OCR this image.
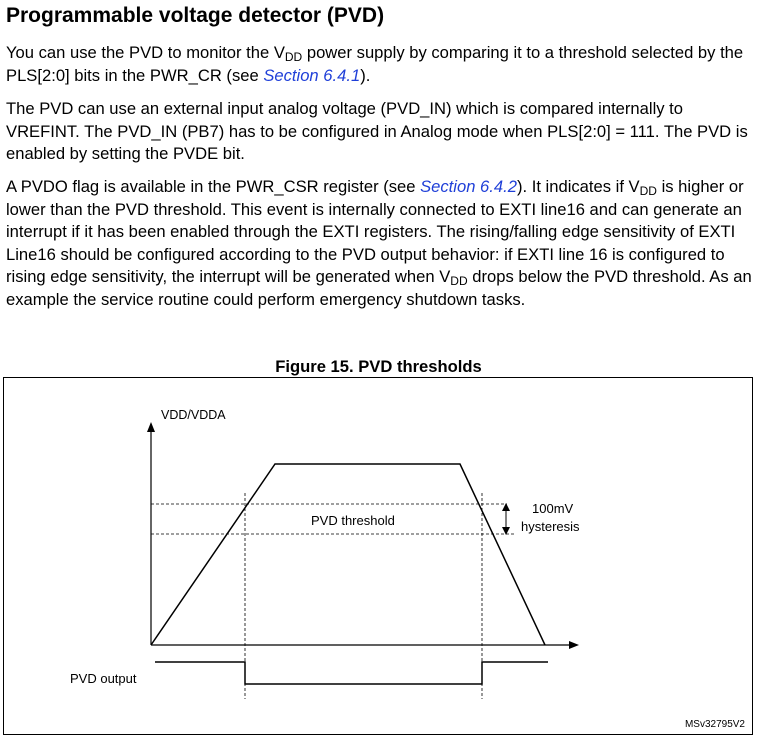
Programmable voltage detector (PVD)

You can use the PVD to monitor the $V_{DD}$ power supply by comparing it to a threshold selected by the PLS[2:0] bits in the PWR_CR (see Section 6.4.1).

The PVD can use an external input analog voltage (PVD_IN) which is compared internally to VREFINT. The PVD_IN (PB7) has to be configured in Analog mode when PLS[2:0] = 111. The PVD is enabled by setting the PVDE bit.

A PVDO flag is available in the PWR_CSR register (see Section 6.4.2). It indicates if $V_{DD}$ is higher or lower than the PVD threshold. This event is internally connected to EXTI line16 and can generate an interrupt if it has been enabled through the EXTI registers. The rising/falling edge sensitivity of EXTI Line16 should be configured according to the PVD output behavior: if EXTI line 16 is configured to rising edge sensitivity, the interrupt will be generated when $V_{DD}$ drops below the PVD threshold. As an example the service routine could perform emergency shutdown tasks.

Figure 15. PVD thresholds

VDD/VDDA
PVD threshold
100mV
hysteresis
PVD output
MSv32795V2
